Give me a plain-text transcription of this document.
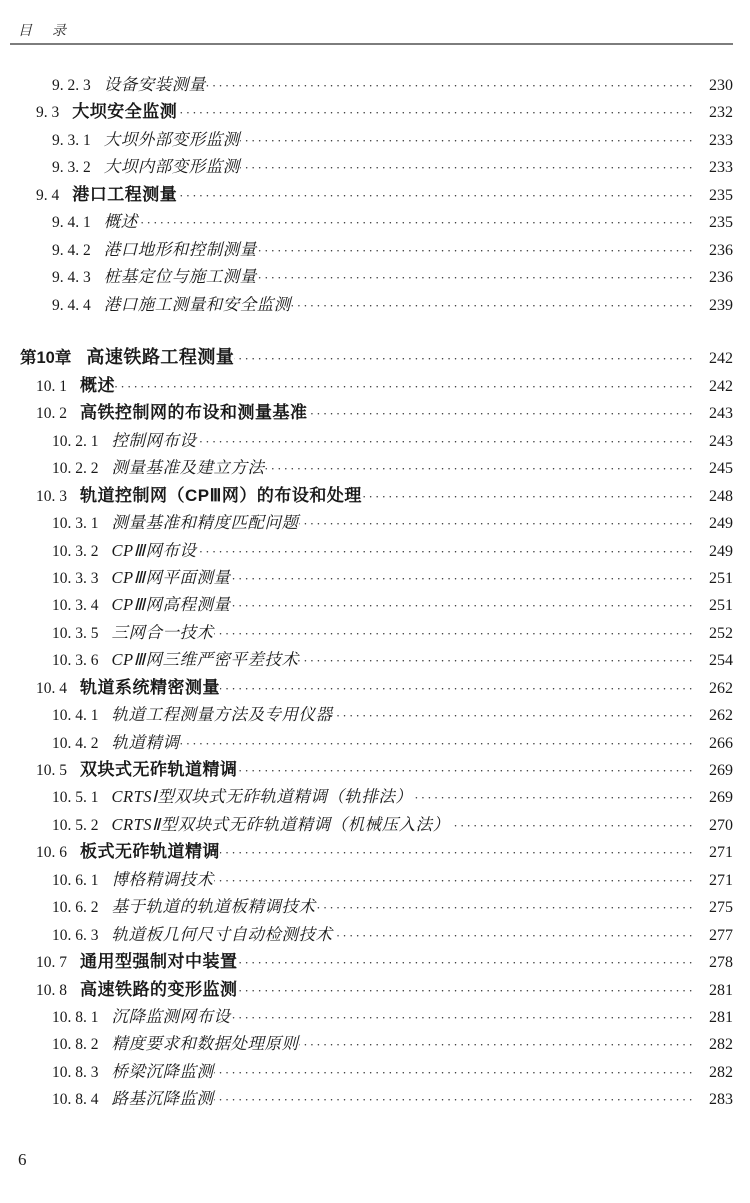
目　录
9. 2. 3 设备安装测量 ·····	230
9. 3 大坝安全监测 ·····	232
9. 3. 1 大坝外部变形监测 ·····	233
9. 3. 2 大坝内部变形监测 ·····	233
9. 4 港口工程测量 ·····	235
9. 4. 1 概述 ·····	235
9. 4. 2 港口地形和控制测量 ·····	236
9. 4. 3 桩基定位与施工测量 ·····	236
9. 4. 4 港口施工测量和安全监测 ·····	239
第10章 高速铁路工程测量 ·····	242
10. 1 概述 ·····	242
10. 2 高铁控制网的布设和测量基准 ·····	243
10. 2. 1 控制网布设 ·····	243
10. 2. 2 测量基准及建立方法 ·····	245
10. 3 轨道控制网（CPⅢ网）的布设和处理 ·····	248
10. 3. 1 测量基准和精度匹配问题 ·····	249
10. 3. 2 CPⅢ网布设 ·····	249
10. 3. 3 CPⅢ网平面测量 ·····	251
10. 3. 4 CPⅢ网高程测量 ·····	251
10. 3. 5 三网合一技术 ·····	252
10. 3. 6 CPⅢ网三维严密平差技术 ·····	254
10. 4 轨道系统精密测量 ·····	262
10. 4. 1 轨道工程测量方法及专用仪器 ·····	262
10. 4. 2 轨道精调 ·····	266
10. 5 双块式无砟轨道精调 ·····	269
10. 5. 1 CRTSⅠ型双块式无砟轨道精调（轨排法） ·····	269
10. 5. 2 CRTSⅡ型双块式无砟轨道精调（机械压入法） ·····	270
10. 6 板式无砟轨道精调 ·····	271
10. 6. 1 博格精调技术 ·····	271
10. 6. 2 基于轨道的轨道板精调技术 ·····	275
10. 6. 3 轨道板几何尺寸自动检测技术 ·····	277
10. 7 通用型强制对中装置 ·····	278
10. 8 高速铁路的变形监测 ·····	281
10. 8. 1 沉降监测网布设 ·····	281
10. 8. 2 精度要求和数据处理原则 ·····	282
10. 8. 3 桥梁沉降监测 ·····	282
10. 8. 4 路基沉降监测 ·····	283
6
